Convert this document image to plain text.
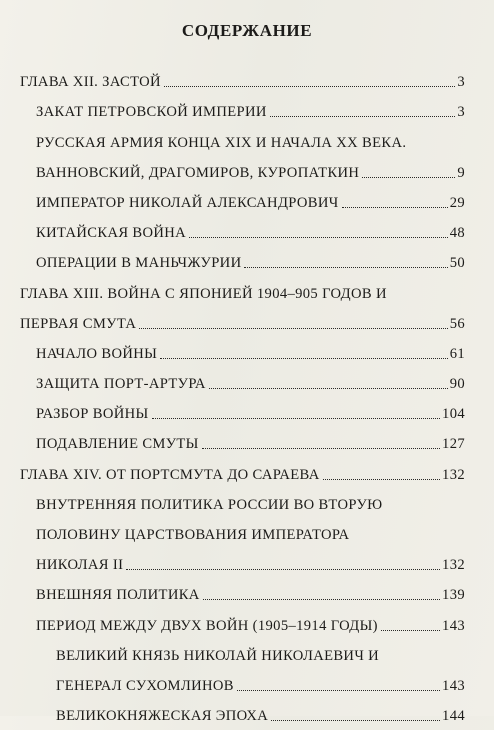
СОДЕРЖАНИЕ
ГЛАВА XII. ЗАСТОЙ	3
ЗАКАТ ПЕТРОВСКОЙ ИМПЕРИИ	3
РУССКАЯ АРМИЯ КОНЦА XIX И НАЧАЛА XX ВЕКА.
ВАННОВСКИЙ, ДРАГОМИРОВ, КУРОПАТКИН	9
ИМПЕРАТОР НИКОЛАЙ АЛЕКСАНДРОВИЧ	29
КИТАЙСКАЯ ВОЙНА	48
ОПЕРАЦИИ В МАНЬЧЖУРИИ	50
ГЛАВА XIII. ВОЙНА С ЯПОНИЕЙ 1904–905 ГОДОВ И
ПЕРВАЯ СМУТА	56
НАЧАЛО ВОЙНЫ	61
ЗАЩИТА ПОРТ-АРТУРА	90
РАЗБОР ВОЙНЫ	104
ПОДАВЛЕНИЕ СМУТЫ	127
ГЛАВА XIV. ОТ ПОРТСМУТА ДО САРАЕВА	132
ВНУТРЕННЯЯ ПОЛИТИКА РОССИИ ВО ВТОРУЮ
ПОЛОВИНУ ЦАРСТВОВАНИЯ ИМПЕРАТОРА
НИКОЛАЯ II	132
ВНЕШНЯЯ ПОЛИТИКА	139
ПЕРИОД МЕЖДУ ДВУХ ВОЙН (1905–1914 ГОДЫ)	143
ВЕЛИКИЙ КНЯЗЬ НИКОЛАЙ НИКОЛАЕВИЧ И
ГЕНЕРАЛ СУХОМЛИНОВ	143
ВЕЛИКОКНЯЖЕСКАЯ ЭПОХА	144
